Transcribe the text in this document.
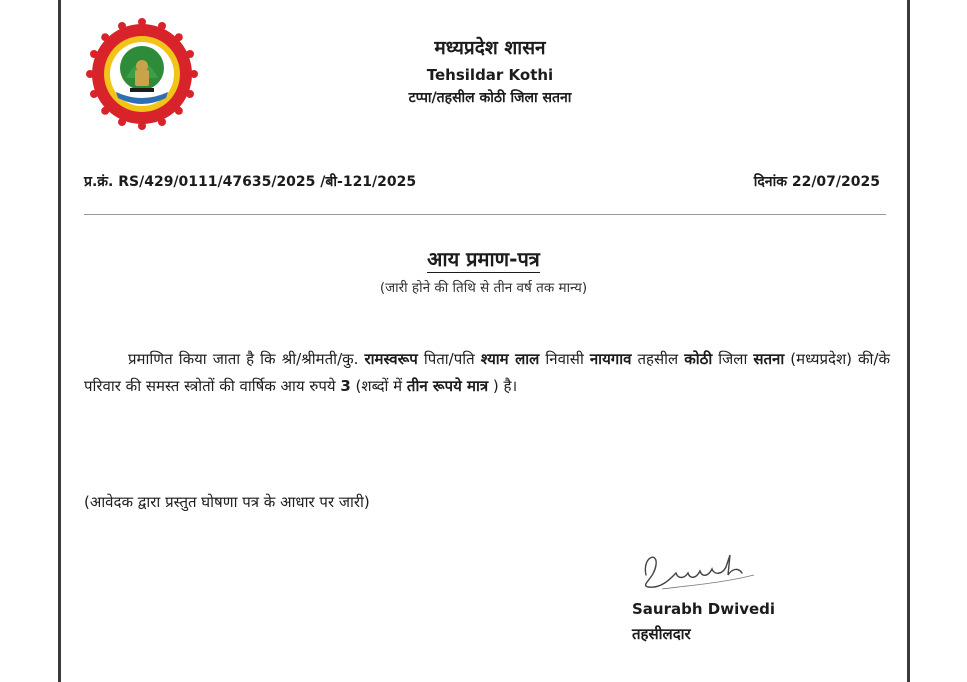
मध्यप्रदेश शासन
Tehsildar Kothi
टप्पा/तहसील कोठी जिला सतना
प्र.क्रं. RS/429/0111/47635/2025 /बी-121/2025	दिनांक 22/07/2025
आय प्रमाण-पत्र
(जारी होने की तिथि से तीन वर्ष तक मान्य)
प्रमाणित किया जाता है कि श्री/श्रीमती/कु. रामस्वरूप पिता/पति श्याम लाल निवासी नायगाव तहसील कोठी जिला सतना (मध्यप्रदेश) की/के परिवार की समस्त स्त्रोतों की वार्षिक आय रुपये 3 (शब्दों में तीन रूपये मात्र ) है।
(आवेदक द्वारा प्रस्तुत घोषणा पत्र के आधार पर जारी)
Saurabh Dwivedi
तहसीलदार
